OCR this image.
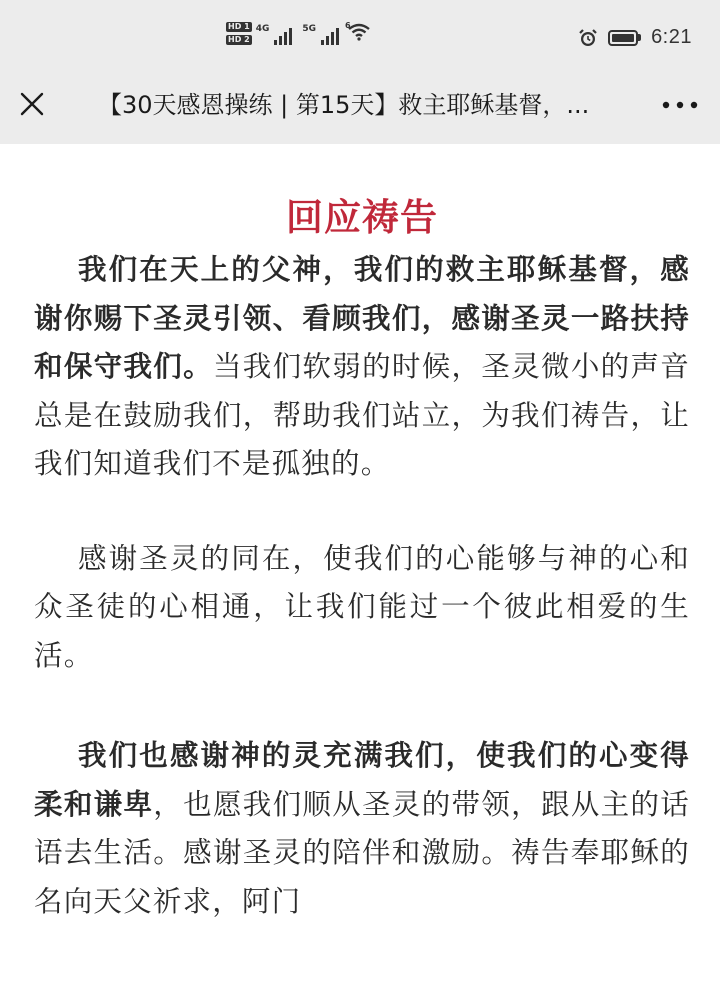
HD 1
HD 2
4G	5G	6
6:21
【30天感恩操练 | 第15天】救主耶稣基督，...
回应祷告

我们在天上的父神，我们的救主耶稣基督，感谢你赐下圣灵引领、看顾我们，感谢圣灵一路扶持和保守我们。当我们软弱的时候，圣灵微小的声音总是在鼓励我们，帮助我们站立，为我们祷告，让我们知道我们不是孤独的。

感谢圣灵的同在，使我们的心能够与神的心和众圣徒的心相通，让我们能过一个彼此相爱的生活。

我们也感谢神的灵充满我们，使我们的心变得柔和谦卑，也愿我们顺从圣灵的带领，跟从主的话语去生活。感谢圣灵的陪伴和激励。祷告奉耶稣的名向天父祈求，阿门
